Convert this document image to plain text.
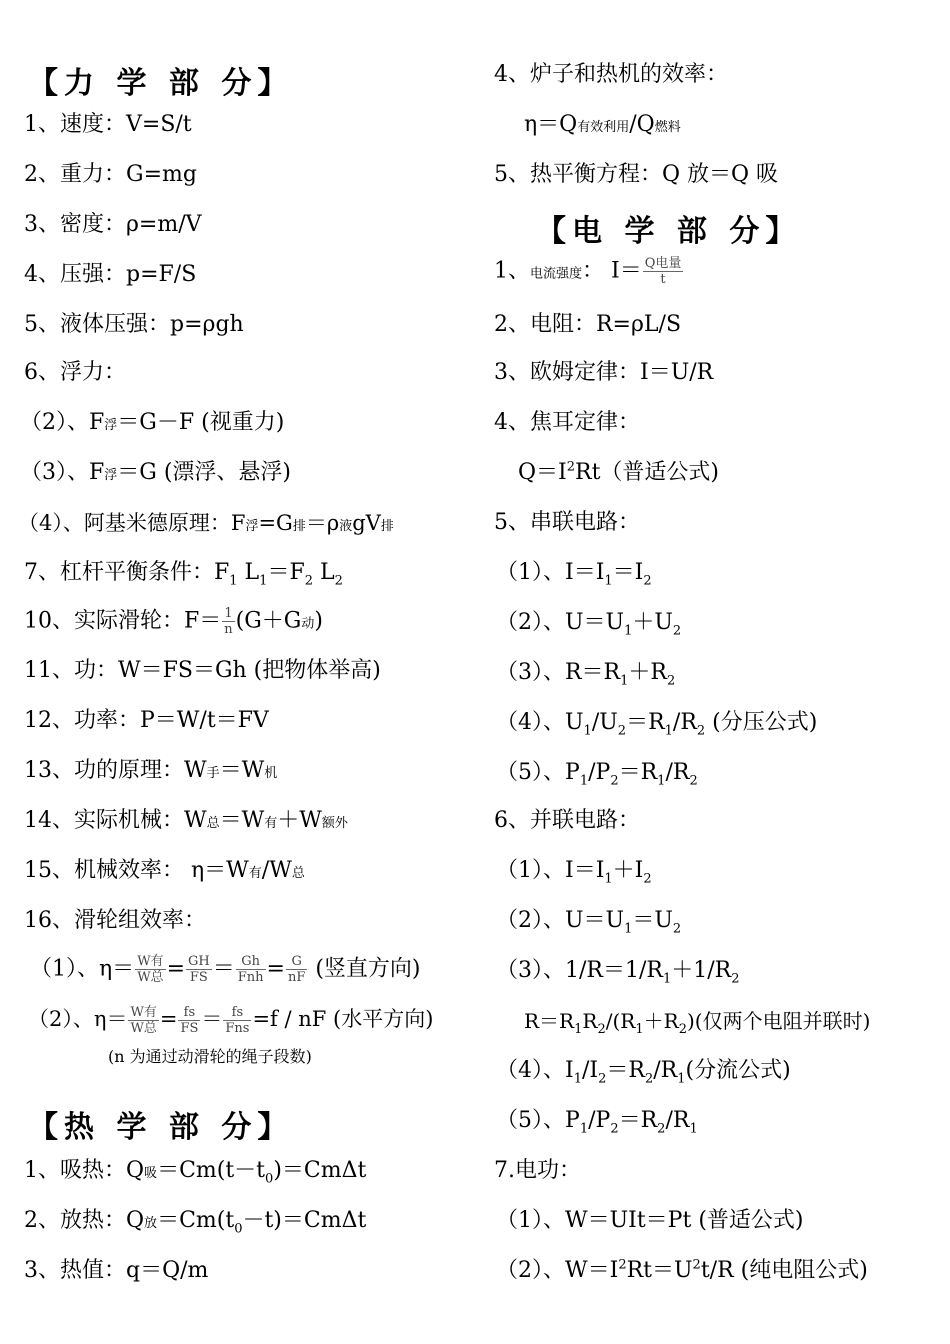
【力 学 部 分】
1、速度：V=S/t
2、重力：G=mg
3、密度：ρ=m/V
4、压强：p=F/S
5、液体压强：p=ρgh
6、浮力：
（2）、F浮＝G－F (视重力)
（3）、F浮＝G (漂浮、悬浮)
（4）、阿基米德原理：F浮=G排＝ρ液gV排
7、杠杆平衡条件：$F_1$ $L_1=F_2$ $L_2$
10、实际滑轮：$F= \frac{1}{n} (G+G$动)
11、功：W＝FS＝Gh (把物体举高)
12、功率：P＝W/t＝FV
13、功的原理：W手＝W机
14、实际机械：W总＝W有＋W额外
15、机械效率： η＝W有/W总
16、滑轮组效率：
（1）、$\eta= \frac{\text{W有}}{\text{W总}} = \frac{GH}{FS} = \frac{Gh}{\text{Fnh}} = \frac{G}{nF}$ (竖直方向)
（2）、$\eta= \frac{\text{W有}}{\text{W总}} = \frac{fs}{FS} = \frac{fs}{\text{Fns}} =f$ / nF (水平方向)
(n 为通过动滑轮的绳子段数)
【热 学 部 分】
1、吸热：Q吸$=Cm(t-t_0)=Cm\Delta t$
2、放热：Q放$=Cm(t_0-t)=Cm\Delta t$
3、热值：q＝Q/m
4、炉子和热机的效率：
η＝Q有效利用/Q燃料
5、热平衡方程：Q 放＝Q 吸
【电 学 部 分】
1、电流强度： $I= \frac{\text{Q电量}}{t}$
2、电阻：R=ρL/S
3、欧姆定律：I＝U/R
4、焦耳定律：
$Q=I^2Rt$（普适公式)
5、串联电路：
（1）、$I=I_1=I_2$
（2）、$U=U_1+U_2$
（3）、$R=R_1+R_2$
（4）、$U_1/U_2=R_1/R_2$ (分压公式)
（5）、$P_1/P_2=R_1/R_2$
6、并联电路：
（1）、$I=I_1+I_2$
（2）、$U=U_1=U_2$
（3）、$1/R=1/R_1+1/R_2$
$R=R_1R_2/(R_1+R_2)$(仅两个电阻并联时)
（4）、$I_1/I_2=R_2/R_1$(分流公式)
（5）、$P_1/P_2=R_2/R_1$
7.电功：
（1）、W＝UIt＝Pt (普适公式)
（2）、$W=I^2Rt=U^2t/R$ (纯电阻公式)
